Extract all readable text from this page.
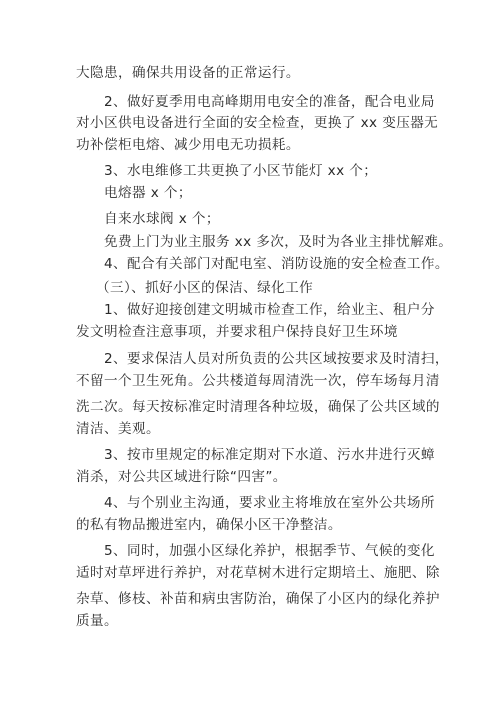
大隐患，确保共用设备的正常运行。
2、做好夏季用电高峰期用电安全的准备，配合电业局
对小区供电设备进行全面的安全检查，更换了 xx 变压器无
功补偿柜电熔、减少用电无功损耗。
3、水电维修工共更换了小区节能灯 xx 个；
电熔器 x 个；
自来水球阀 x 个；
免费上门为业主服务 xx 多次，及时为各业主排忧解难。
4、配合有关部门对配电室、消防设施的安全检查工作。
（三）、抓好小区的保洁、绿化工作
1、做好迎接创建文明城市检查工作，给业主、租户分
发文明检查注意事项，并要求租户保持良好卫生环境
2、要求保洁人员对所负责的公共区域按要求及时清扫，
不留一个卫生死角。公共楼道每周清洗一次，停车场每月清
洗二次。每天按标准定时清理各种垃圾，确保了公共区域的
清洁、美观。
3、按市里规定的标准定期对下水道、污水井进行灭蟑
消杀，对公共区域进行除“四害”。
4、与个别业主沟通，要求业主将堆放在室外公共场所
的私有物品搬进室内，确保小区干净整洁。
5、同时，加强小区绿化养护，根据季节、气候的变化
适时对草坪进行养护，对花草树木进行定期培土、施肥、除
杂草、修枝、补苗和病虫害防治，确保了小区内的绿化养护
质量。
